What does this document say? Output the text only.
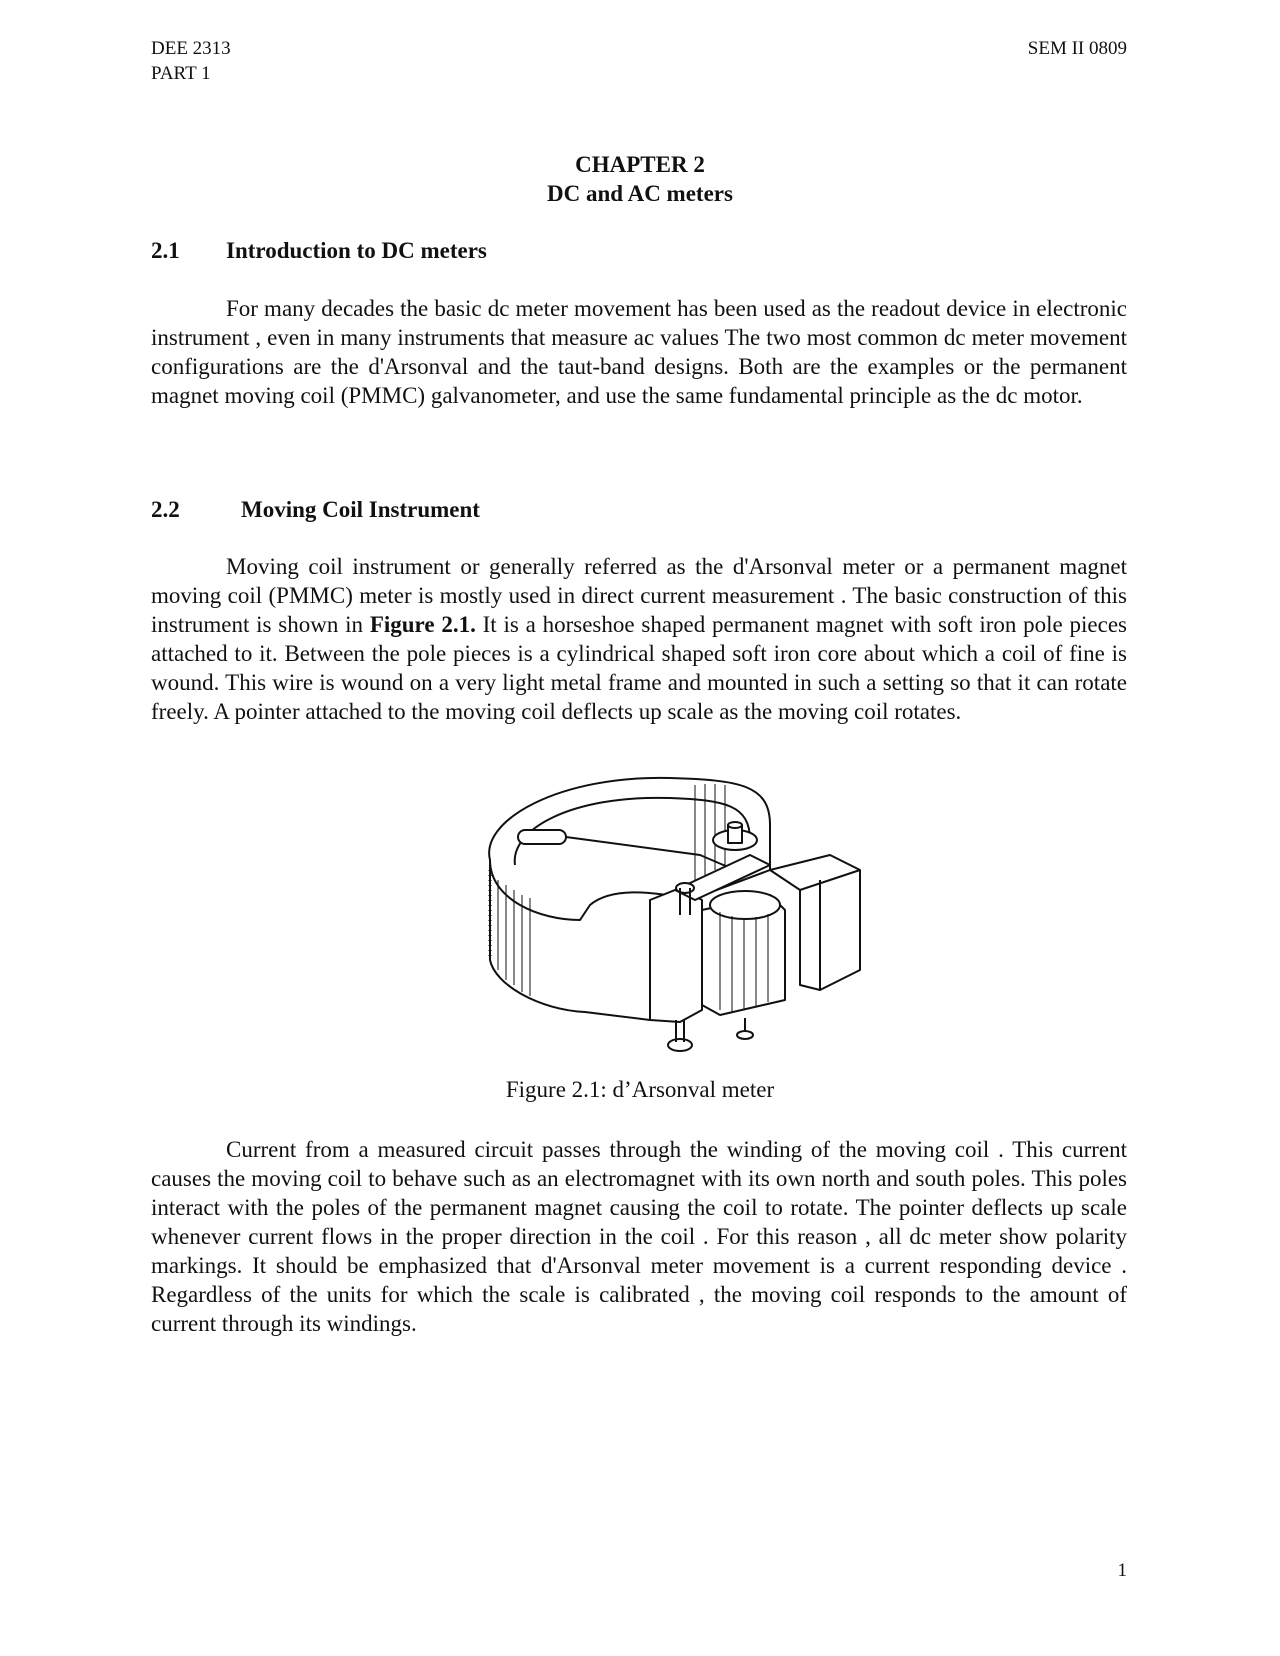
DEE 2313
PART 1
SEM II 0809
CHAPTER 2
DC and AC meters
2.1 Introduction to DC meters

For many decades the basic dc meter movement has been used as the readout device in electronic instrument , even in many instruments that measure ac values The two most common dc meter movement configurations are the d'Arsonval and the taut-band designs. Both are the examples or the permanent magnet moving coil (PMMC) galvanometer, and use the same fundamental principle as the dc motor.

2.2	Moving Coil Instrument

Moving coil instrument or generally referred as the d'Arsonval meter or a permanent magnet moving coil (PMMC) meter is mostly used in direct current measurement . The basic construction of this instrument is shown in Figure 2.1. It is a horseshoe shaped permanent magnet with soft iron pole pieces attached to it. Between the pole pieces is a cylindrical shaped soft iron core about which a coil of fine is wound. This wire is wound on a very light metal frame and mounted in such a setting so that it can rotate freely. A pointer attached to the moving coil deflects up scale as the moving coil rotates.

Figure 2.1: d’Arsonval meter

Current from a measured circuit passes through the winding of the moving coil . This current causes the moving coil to behave such as an electromagnet with its own north and south poles. This poles interact with the poles of the permanent magnet causing the coil to rotate. The pointer deflects up scale whenever current flows in the proper direction in the coil . For this reason , all dc meter show polarity markings. It should be emphasized that d'Arsonval meter movement is a current responding device . Regardless of the units for which the scale is calibrated , the moving coil responds to the amount of current through its windings.

1
